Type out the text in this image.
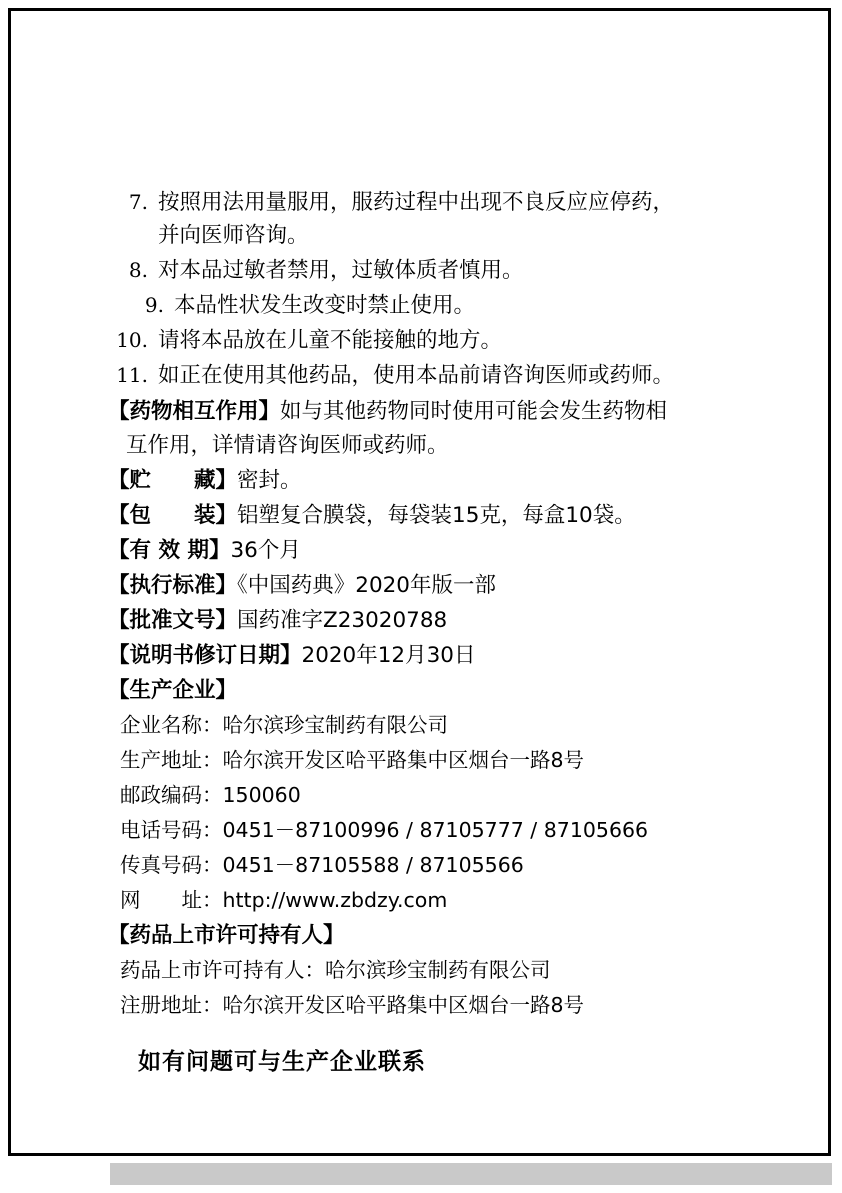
7. 按照用法用量服用，服药过程中出现不良反应应停药，
并向医师咨询。
8. 对本品过敏者禁用，过敏体质者慎用。
9. 本品性状发生改变时禁止使用。
10. 请将本品放在儿童不能接触的地方。
11. 如正在使用其他药品，使用本品前请咨询医师或药师。
【药物相互作用】如与其他药物同时使用可能会发生药物相
互作用，详情请咨询医师或药师。
【贮　　藏】密封。
【包　　装】铝塑复合膜袋，每袋装15克，每盒10袋。
【有 效 期】36个月
【执行标准】《中国药典》2020年版一部
【批准文号】国药准字Z23020788
【说明书修订日期】2020年12月30日
【生产企业】
企业名称：哈尔滨珍宝制药有限公司
生产地址：哈尔滨开发区哈平路集中区烟台一路8号
邮政编码：150060
电话号码：0451－87100996 / 87105777 / 87105666
传真号码：0451－87105588 / 87105566
网　　址：http://www.zbdzy.com
【药品上市许可持有人】
药品上市许可持有人：哈尔滨珍宝制药有限公司
注册地址：哈尔滨开发区哈平路集中区烟台一路8号
如有问题可与生产企业联系
